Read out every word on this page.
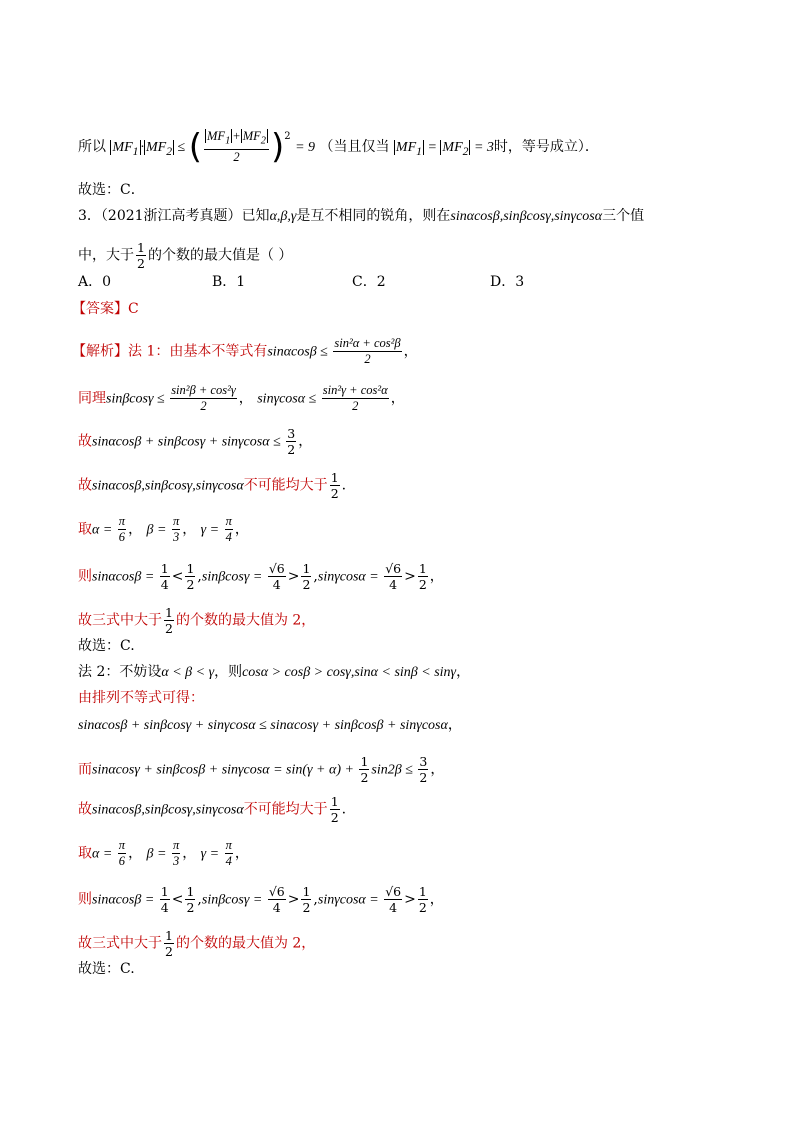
所以 $MF_1 \cdot MF_2$ ≤ ( $\frac{MF_1 + MF_2}{2} )^2 = 9$ （当且仅当 $MF_1 = MF_2 = 3$时，等号成立）．
故选：C．
3．（2021浙江高考真题）已知α,β,γ是互不相同的锐角，则在sinαcosβ,sinβcosγ,sinγcosα三个值
中，大于 $\frac{1}{2}$ 的个数的最大值是（ ）
A．0	B．1	C．2	D．3
【答案】C
【解析】法 1：由基本不等式有$\sin\alpha\cos\beta \le \frac{\text{sin²α + cos²β}}{2}$ ，
同理$\sin\beta\cos\gamma \le \frac{\text{sin²β + cos²γ}}{2}$ ， $\sin\gamma\cos\alpha \le \frac{\text{sin²γ + cos²α}}{2}$ ，
故$\sin\alpha\cos\beta + \sin\beta\cos\gamma + \sin\gamma\cos\alpha \le \frac{3}{2}$ ，
故sinαcosβ,sinβcosγ,sinγcosα不可能均大于 $\frac{1}{2}$ .
取$\alpha = \frac{\pi}{6}$ ， $\beta = \frac{\pi}{3}$ ， $\gamma = \frac{\pi}{4}$ ，
则$\sin\alpha\cos\beta = \frac{1}{4} < \frac{1}{2} ,\sin\beta\cos\gamma = \frac{√6}{4} > \frac{1}{2} ,\sin\gamma\cos\alpha = \frac{√6}{4} > \frac{1}{2}$ ，
故三式中大于 $\frac{1}{2}$ 的个数的最大值为 2，
故选：C.
法 2：不妨设α < β < γ，则cosα > cosβ > cosγ,sinα < sinβ < sinγ，
由排列不等式可得：
sinαcosβ + sinβcosγ + sinγcosα ≤ sinαcosγ + sinβcosβ + sinγcosα，
而$\sin\alpha\cos\gamma + \sin\beta\cos\beta + \sin\gamma\cos\alpha = \sin(\gamma + \alpha) + \frac{1}{2} \sin 2\beta \le \frac{3}{2}$ ，
故sinαcosβ,sinβcosγ,sinγcosα不可能均大于 $\frac{1}{2}$ .
取$\alpha = \frac{\pi}{6}$ ， $\beta = \frac{\pi}{3}$ ， $\gamma = \frac{\pi}{4}$ ，
则$\sin\alpha\cos\beta = \frac{1}{4} < \frac{1}{2} ,\sin\beta\cos\gamma = \frac{√6}{4} > \frac{1}{2} ,\sin\gamma\cos\alpha = \frac{√6}{4} > \frac{1}{2}$ ，
故三式中大于 $\frac{1}{2}$ 的个数的最大值为 2，
故选：C.
